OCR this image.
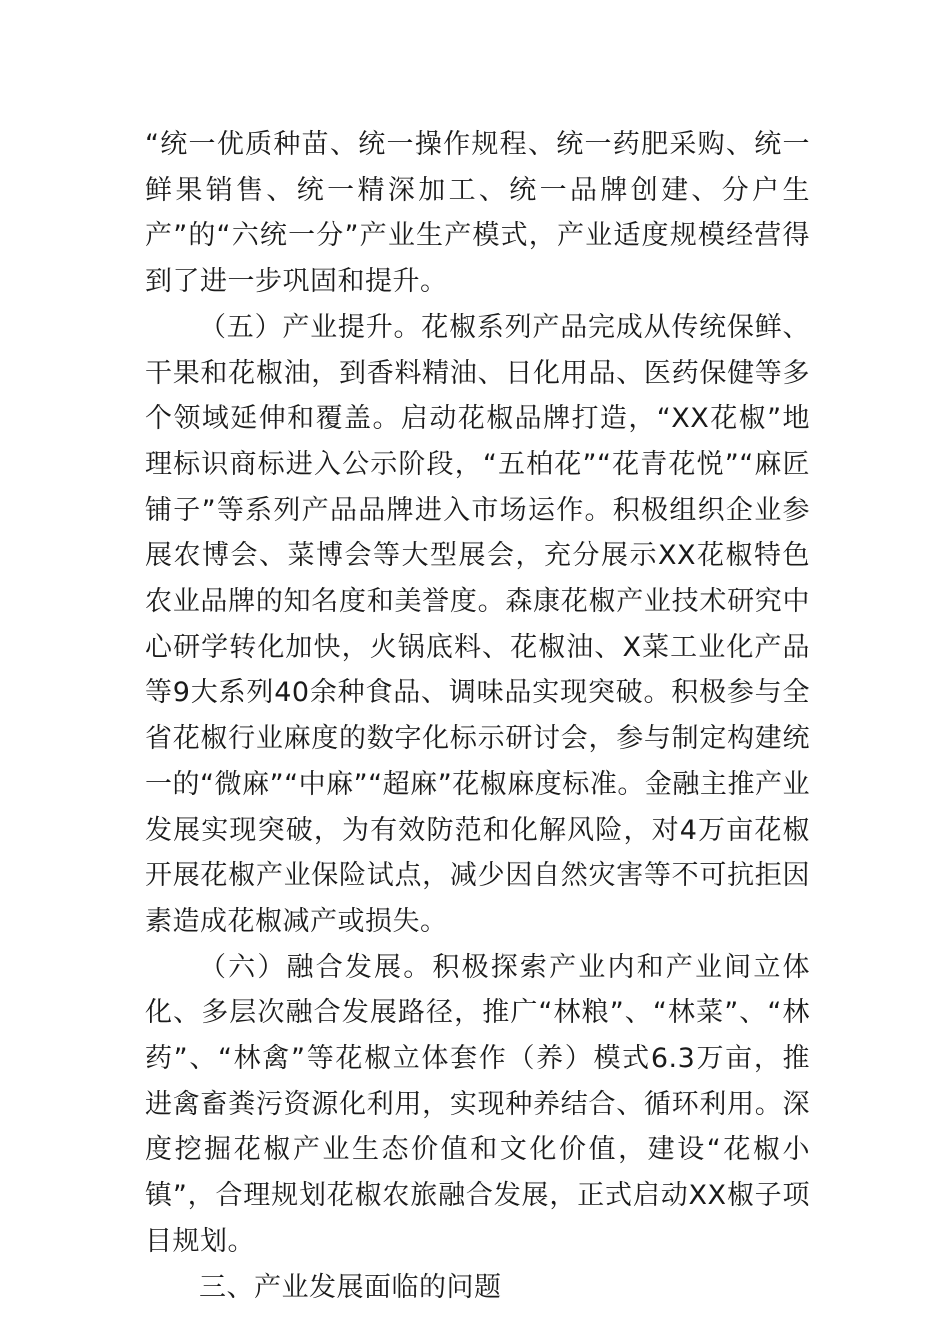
“统一优质种苗、统一操作规程、统一药肥采购、统一鲜果销售、统一精深加工、统一品牌创建、分户生产”的“六统一分”产业生产模式，产业适度规模经营得到了进一步巩固和提升。

（五）产业提升。花椒系列产品完成从传统保鲜、干果和花椒油，到香料精油、日化用品、医药保健等多个领域延伸和覆盖。启动花椒品牌打造，“XX花椒”地理标识商标进入公示阶段，“五柏花”“花青花悦”“麻匠铺子”等系列产品品牌进入市场运作。积极组织企业参展农博会、菜博会等大型展会，充分展示XX花椒特色农业品牌的知名度和美誉度。森康花椒产业技术研究中心研学转化加快，火锅底料、花椒油、X菜工业化产品等9大系列40余种食品、调味品实现突破。积极参与全省花椒行业麻度的数字化标示研讨会，参与制定构建统一的“微麻”“中麻”“超麻”花椒麻度标准。金融主推产业发展实现突破，为有效防范和化解风险，对4万亩花椒开展花椒产业保险试点，减少因自然灾害等不可抗拒因素造成花椒减产或损失。

（六）融合发展。积极探索产业内和产业间立体化、多层次融合发展路径，推广“林粮”、“林菜”、“林药”、“林禽”等花椒立体套作（养）模式6.3万亩，推进禽畜粪污资源化利用，实现种养结合、循环利用。深度挖掘花椒产业生态价值和文化价值，建设“花椒小镇”，合理规划花椒农旅融合发展，正式启动XX椒子项目规划。

三、产业发展面临的问题
